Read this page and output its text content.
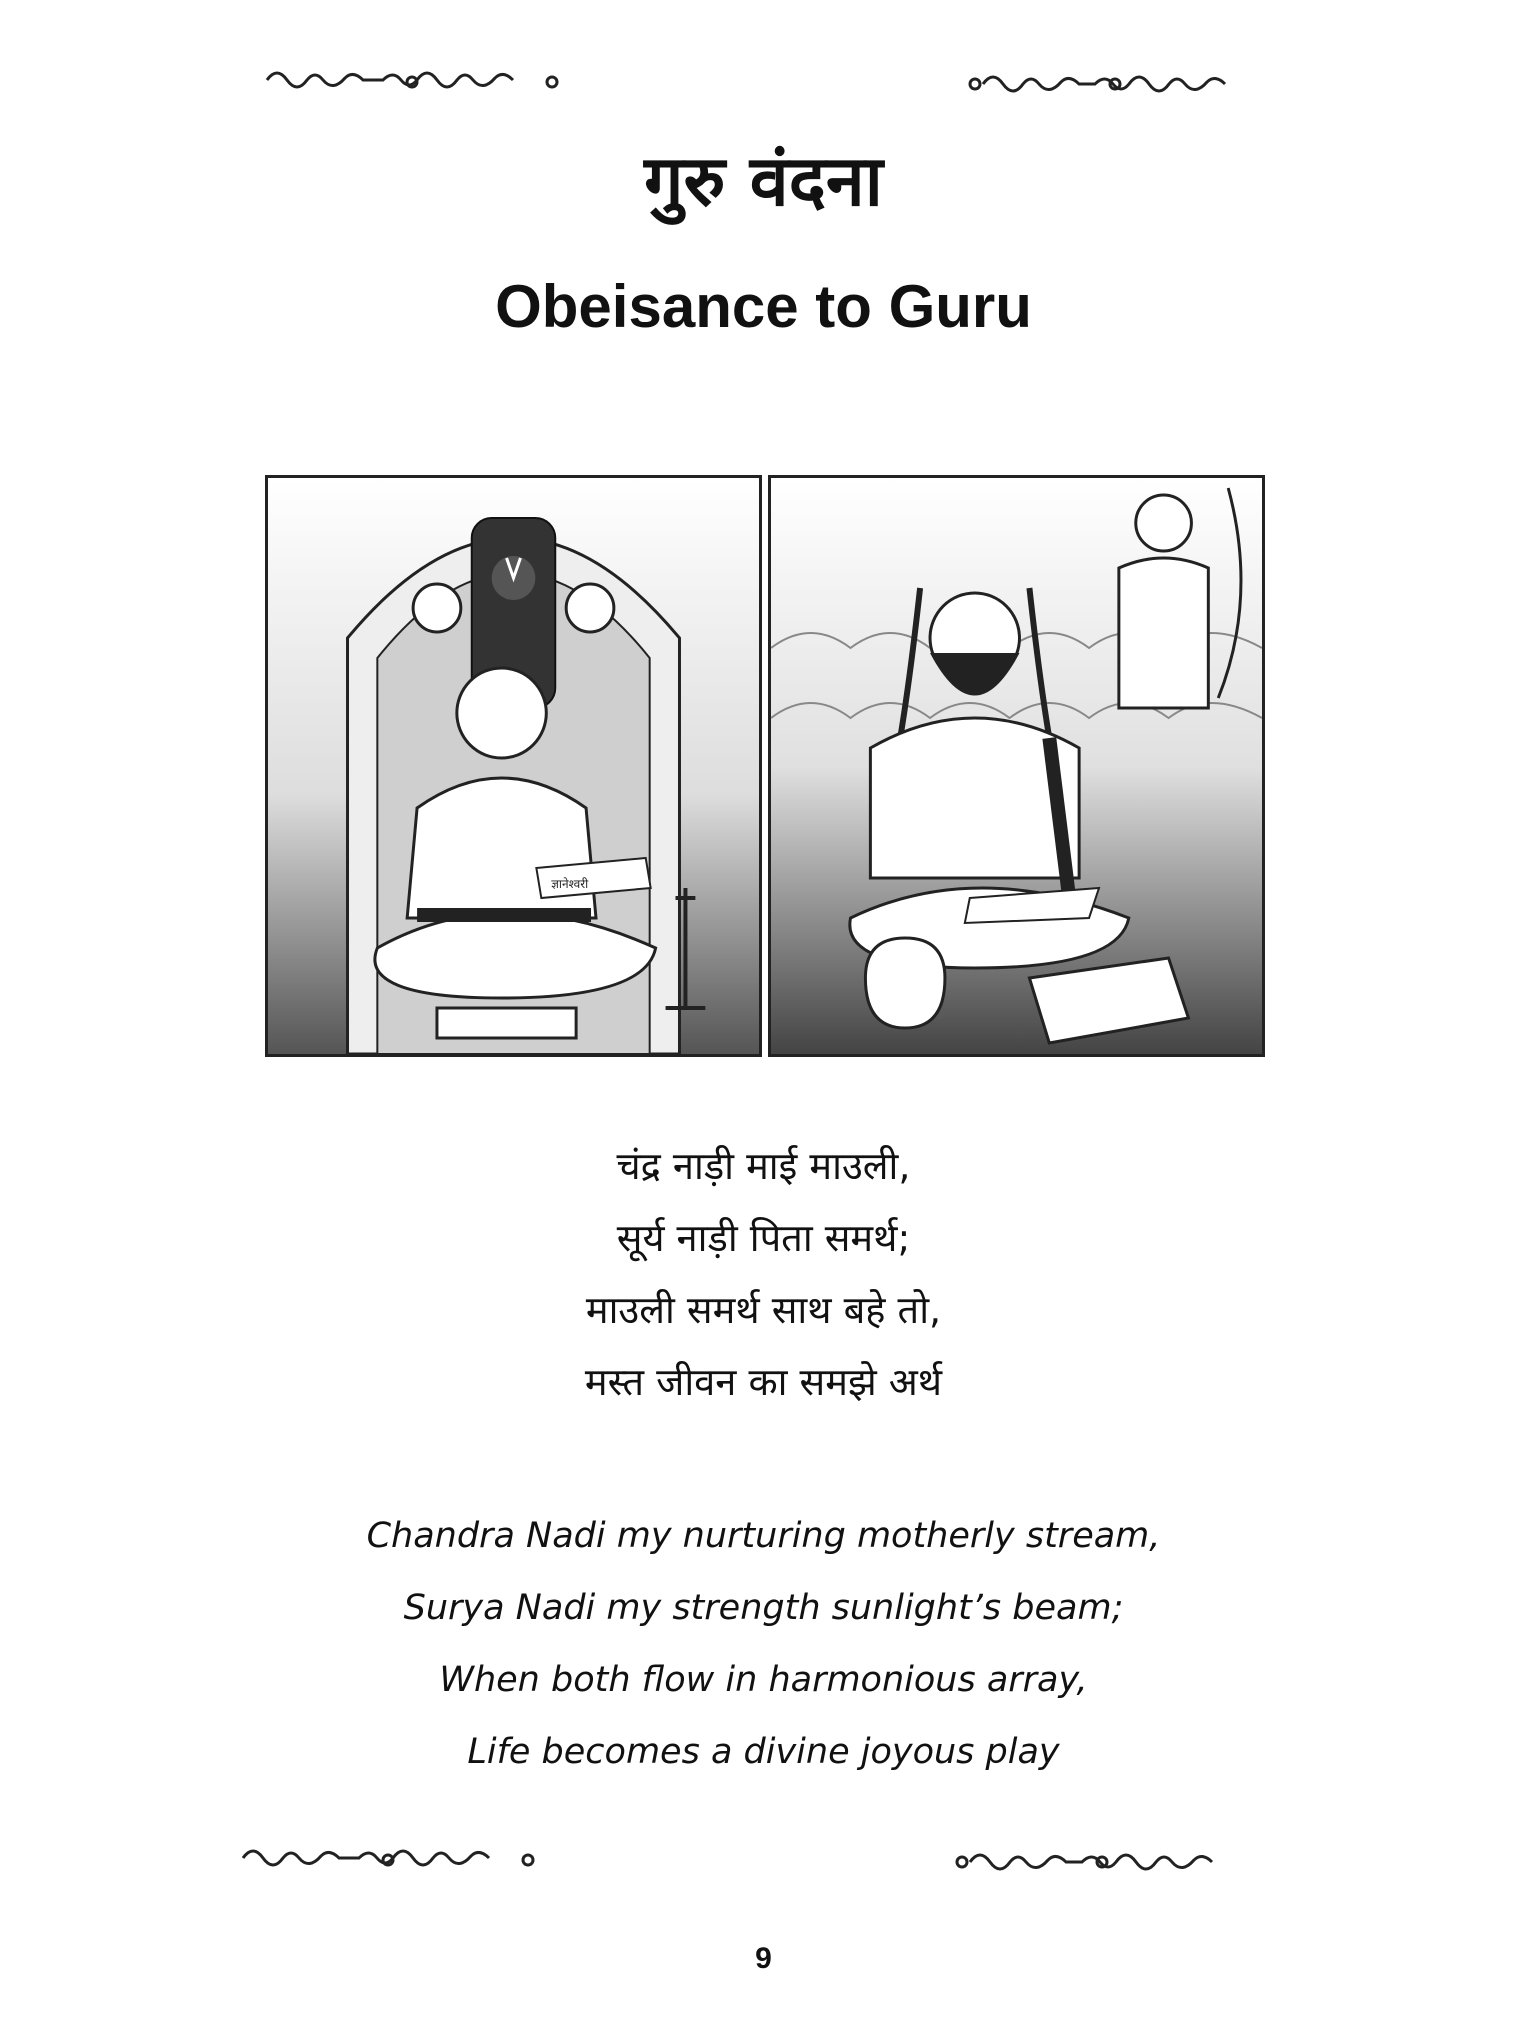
गुरु वंदना
Obeisance to Guru
ज्ञानेश्वरी
चंद्र नाड़ी माई माउली,
सूर्य नाड़ी पिता समर्थ;
माउली समर्थ साथ बहे तो,
मस्त जीवन का समझे अर्थ
Chandra Nadi my nurturing motherly stream,
Surya Nadi my strength sunlight’s beam;
When both flow in harmonious array,
Life becomes a divine joyous play
9
